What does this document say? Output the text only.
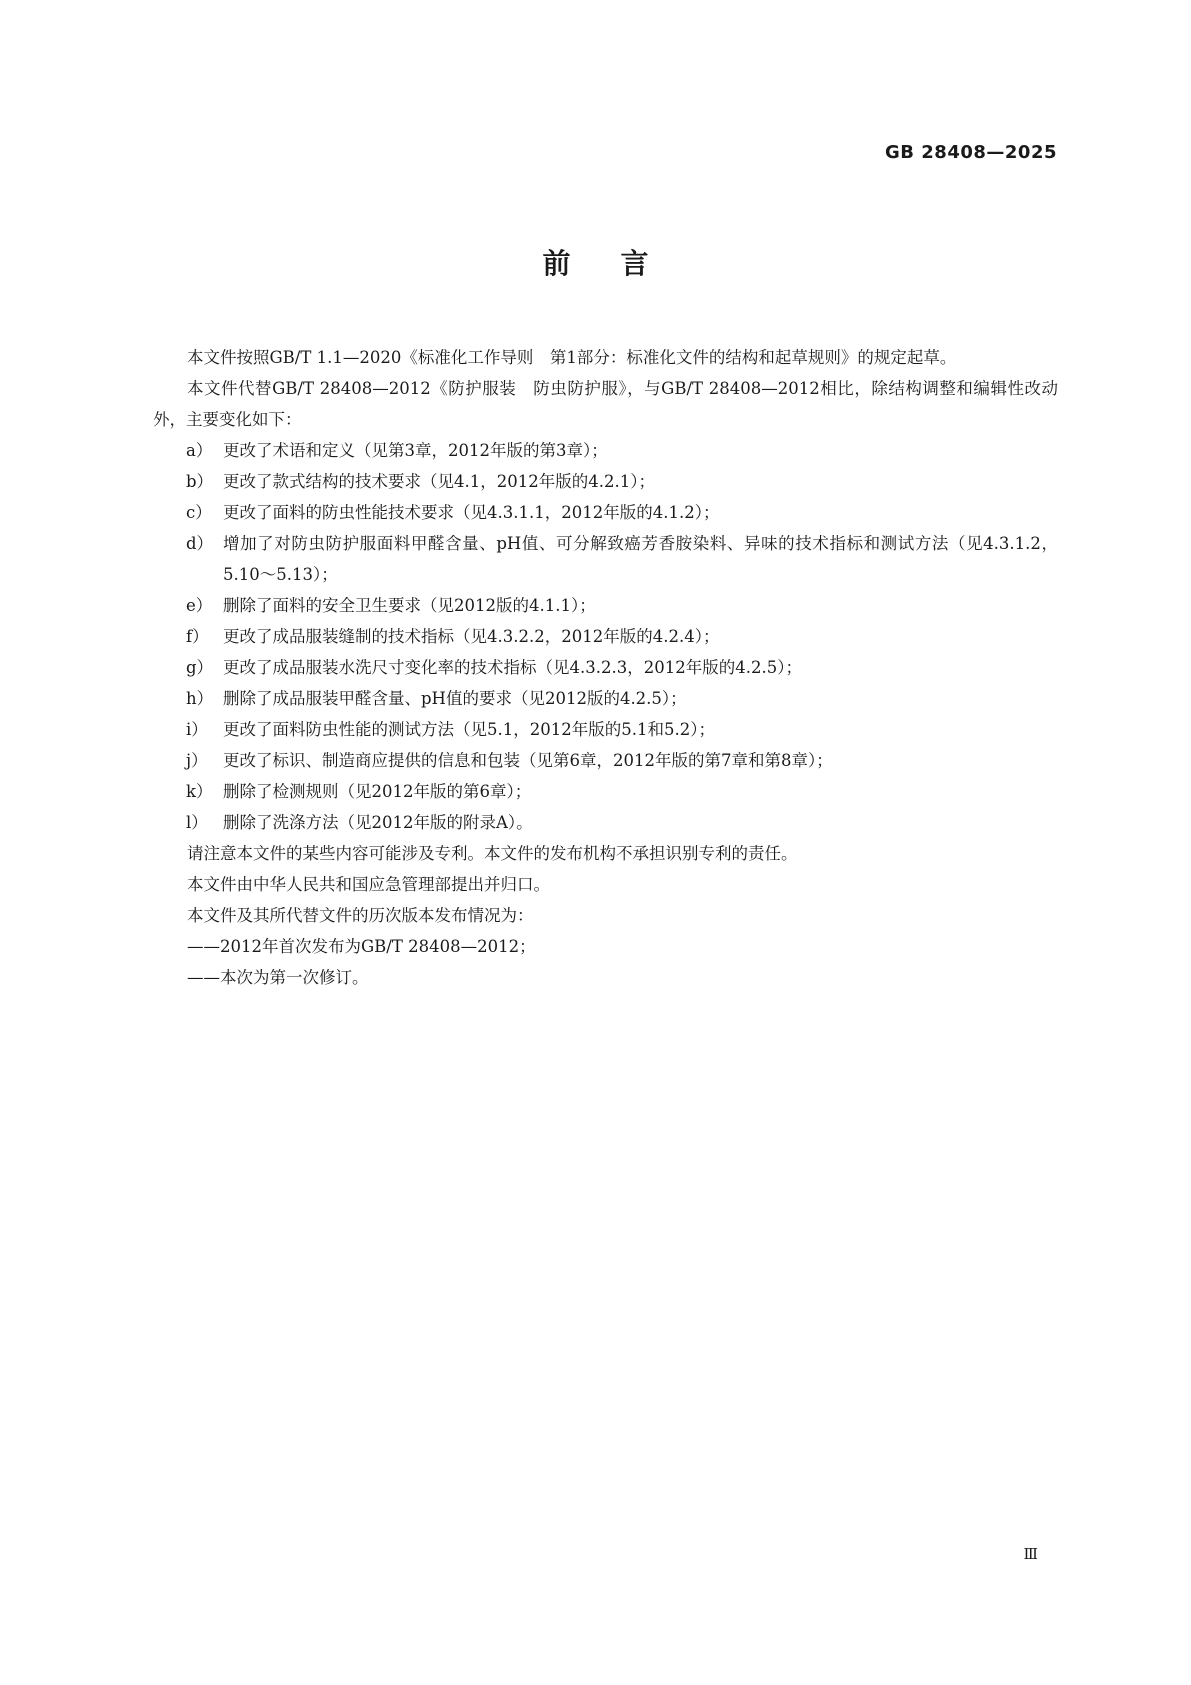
GB 28408—2025
前言

本文件按照GB/T 1.1—2020《标准化工作导则　第1部分：标准化文件的结构和起草规则》的规定起草。

本文件代替GB/T 28408—2012《防护服装　防虫防护服》，与GB/T 28408—2012相比，除结构调整和编辑性改动外，主要变化如下：

a） 更改了术语和定义（见第3章，2012年版的第3章）；
b） 更改了款式结构的技术要求（见4.1，2012年版的4.2.1）；
c） 更改了面料的防虫性能技术要求（见4.3.1.1，2012年版的4.1.2）；
d） 增加了对防虫防护服面料甲醛含量、pH值、可分解致癌芳香胺染料、异味的技术指标和测试方法（见4.3.1.2，5.10～5.13）；
e） 删除了面料的安全卫生要求（见2012版的4.1.1）；
f） 更改了成品服装缝制的技术指标（见4.3.2.2，2012年版的4.2.4）；
g） 更改了成品服装水洗尺寸变化率的技术指标（见4.3.2.3，2012年版的4.2.5）；
h） 删除了成品服装甲醛含量、pH值的要求（见2012版的4.2.5）；
i） 更改了面料防虫性能的测试方法（见5.1，2012年版的5.1和5.2）；
j） 更改了标识、制造商应提供的信息和包装（见第6章，2012年版的第7章和第8章）；
k） 删除了检测规则（见2012年版的第6章）；
l） 删除了洗涤方法（见2012年版的附录A）。

请注意本文件的某些内容可能涉及专利。本文件的发布机构不承担识别专利的责任。

本文件由中华人民共和国应急管理部提出并归口。

本文件及其所代替文件的历次版本发布情况为：

——2012年首次发布为GB/T 28408—2012；
——本次为第一次修订。
Ⅲ
